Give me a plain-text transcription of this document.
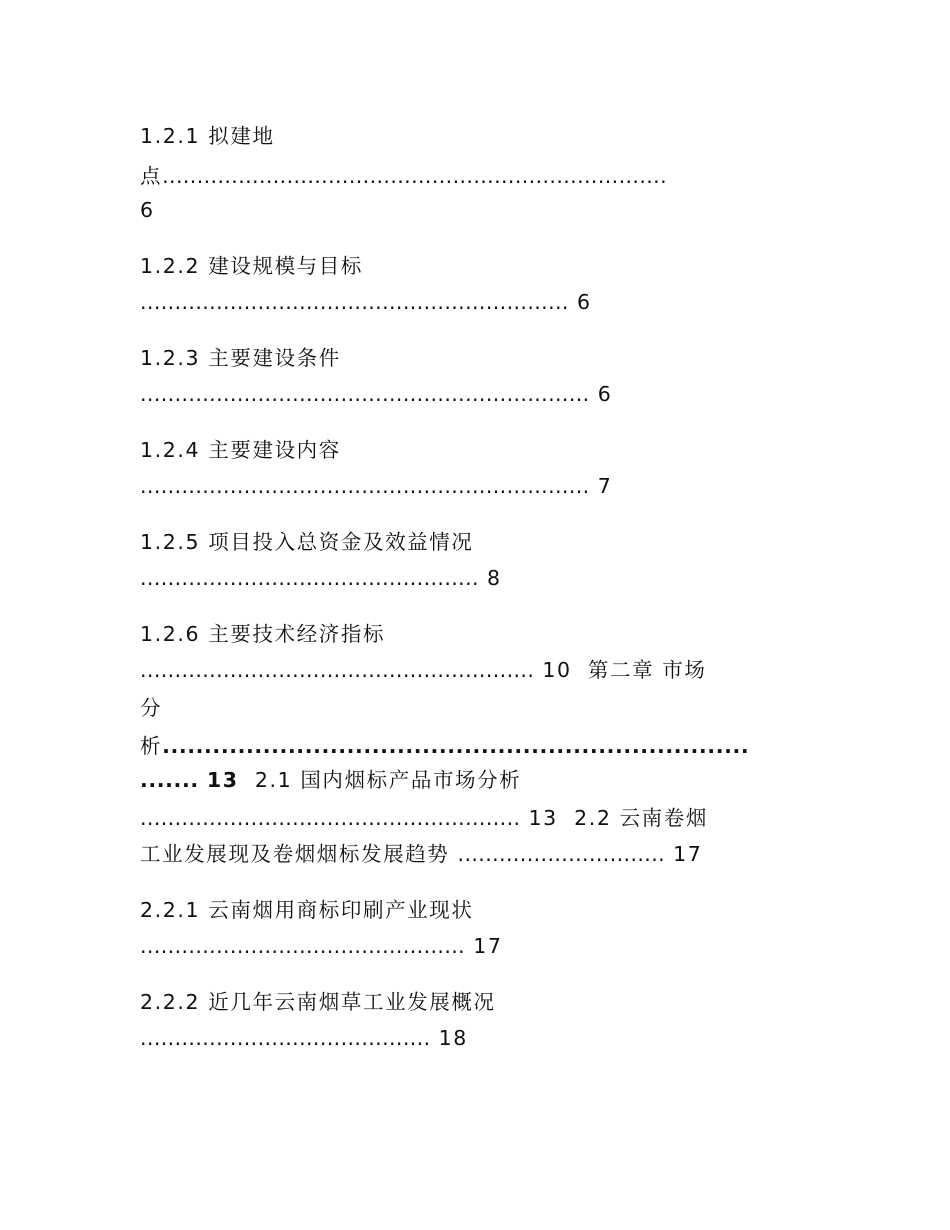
1.2.1 拟建地
点.........................................................................
6
1.2.2 建设规模与目标
.............................................................. 6
1.2.3 主要建设条件
................................................................. 6
1.2.4 主要建设内容
................................................................. 7
1.2.5 项目投入总资金及效益情况
................................................. 8
1.2.6 主要技术经济指标
......................................................... 10 第二章 市场
分
析......................................................................
....... 13 2.1 国内烟标产品市场分析
....................................................... 13 2.2 云南卷烟
工业发展现及卷烟烟标发展趋势 .............................. 17
2.2.1 云南烟用商标印刷产业现状
............................................... 17
2.2.2 近几年云南烟草工业发展概况
.......................................... 18
